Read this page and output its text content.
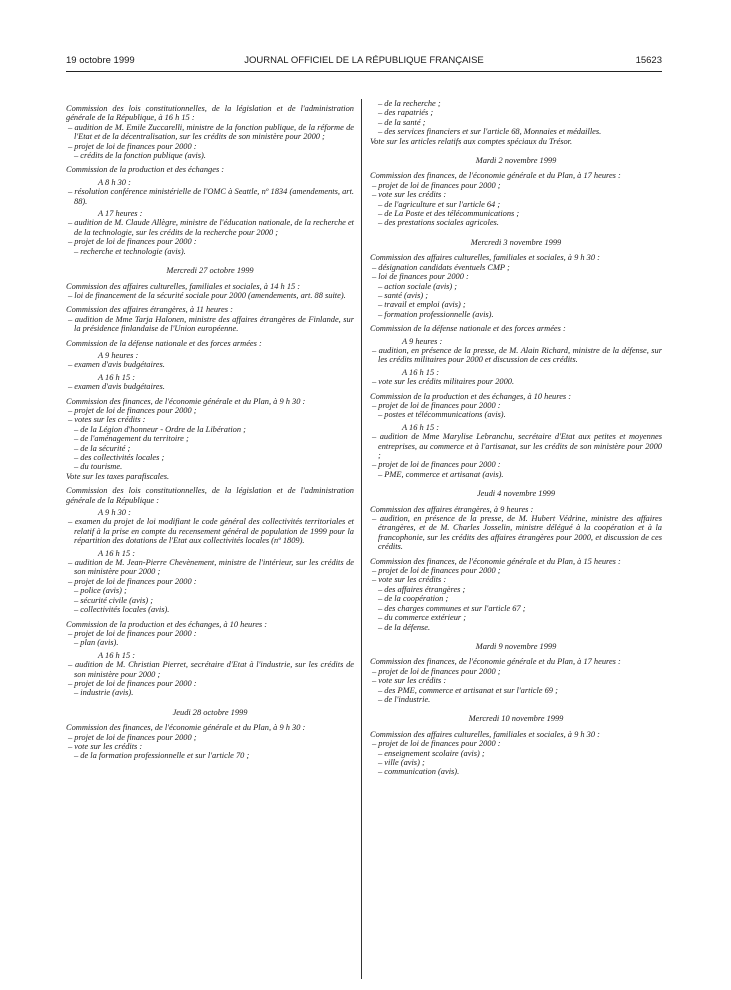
19 octobre 1999	JOURNAL OFFICIEL DE LA RÉPUBLIQUE FRANÇAISE	15623

Commission des lois constitutionnelles, de la législation et de l'administration générale de la République, à 16 h 15 :

– audition de M. Emile Zuccarelli, ministre de la fonction publique, de la réforme de l'Etat et de la décentralisation, sur les crédits de son ministère pour 2000 ;

– projet de loi de finances pour 2000 :

– crédits de la fonction publique (avis).

Commission de la production et des échanges :

A 8 h 30 :

– résolution conférence ministérielle de l'OMC à Seattle, nº 1834 (amendements, art. 88).

A 17 heures :

– audition de M. Claude Allègre, ministre de l'éducation nationale, de la recherche et de la technologie, sur les crédits de la recherche pour 2000 ;

– projet de loi de finances pour 2000 :

– recherche et technologie (avis).

Mercredi 27 octobre 1999

Commission des affaires culturelles, familiales et sociales, à 14 h 15 :

– loi de financement de la sécurité sociale pour 2000 (amendements, art. 88 suite).

Commission des affaires étrangères, à 11 heures :

– audition de Mme Tarja Halonen, ministre des affaires étrangères de Finlande, sur la présidence finlandaise de l'Union européenne.

Commission de la défense nationale et des forces armées :

A 9 heures :

– examen d'avis budgétaires.

A 16 h 15 :

– examen d'avis budgétaires.

Commission des finances, de l'économie générale et du Plan, à 9 h 30 :

– projet de loi de finances pour 2000 ;

– votes sur les crédits :

– de la Légion d'honneur - Ordre de la Libération ;

– de l'aménagement du territoire ;

– de la sécurité ;

– des collectivités locales ;

– du tourisme.

Vote sur les taxes parafiscales.

Commission des lois constitutionnelles, de la législation et de l'administration générale de la République :

A 9 h 30 :

– examen du projet de loi modifiant le code général des collectivités territoriales et relatif à la prise en compte du recensement général de population de 1999 pour la répartition des dotations de l'Etat aux collectivités locales (nº 1809).

A 16 h 15 :

– audition de M. Jean-Pierre Chevènement, ministre de l'intérieur, sur les crédits de son ministère pour 2000 ;

– projet de loi de finances pour 2000 :

– police (avis) ;

– sécurité civile (avis) ;

– collectivités locales (avis).

Commission de la production et des échanges, à 10 heures :

– projet de loi de finances pour 2000 :

– plan (avis).

A 16 h 15 :

– audition de M. Christian Pierret, secrétaire d'Etat à l'industrie, sur les crédits de son ministère pour 2000 ;

– projet de loi de finances pour 2000 :

– industrie (avis).

Jeudi 28 octobre 1999

Commission des finances, de l'économie générale et du Plan, à 9 h 30 :

– projet de loi de finances pour 2000 ;

– vote sur les crédits :

– de la formation professionnelle et sur l'article 70 ;

– de la recherche ;

– des rapatriés ;

– de la santé ;

– des services financiers et sur l'article 68, Monnaies et médailles.

Vote sur les articles relatifs aux comptes spéciaux du Trésor.

Mardi 2 novembre 1999

Commission des finances, de l'économie générale et du Plan, à 17 heures :

– projet de loi de finances pour 2000 ;

– vote sur les crédits :

– de l'agriculture et sur l'article 64 ;

– de La Poste et des télécommunications ;

– des prestations sociales agricoles.

Mercredi 3 novembre 1999

Commission des affaires culturelles, familiales et sociales, à 9 h 30 :

– désignation candidats éventuels CMP ;

– loi de finances pour 2000 :

– action sociale (avis) ;

– santé (avis) ;

– travail et emploi (avis) ;

– formation professionnelle (avis).

Commission de la défense nationale et des forces armées :

A 9 heures :

– audition, en présence de la presse, de M. Alain Richard, ministre de la défense, sur les crédits militaires pour 2000 et discussion de ces crédits.

A 16 h 15 :

– vote sur les crédits militaires pour 2000.

Commission de la production et des échanges, à 10 heures :

– projet de loi de finances pour 2000 :

– postes et télécommunications (avis).

A 16 h 15 :

– audition de Mme Marylise Lebranchu, secrétaire d'Etat aux petites et moyennes entreprises, au commerce et à l'artisanat, sur les crédits de son ministère pour 2000 ;

– projet de loi de finances pour 2000 :

– PME, commerce et artisanat (avis).

Jeudi 4 novembre 1999

Commission des affaires étrangères, à 9 heures :

– audition, en présence de la presse, de M. Hubert Védrine, ministre des affaires étrangères, et de M. Charles Josselin, ministre délégué à la coopération et à la francophonie, sur les crédits des affaires étrangères pour 2000, et discussion de ces crédits.

Commission des finances, de l'économie générale et du Plan, à 15 heures :

– projet de loi de finances pour 2000 ;

– vote sur les crédits :

– des affaires étrangères ;

– de la coopération ;

– des charges communes et sur l'article 67 ;

– du commerce extérieur ;

– de la défense.

Mardi 9 novembre 1999

Commission des finances, de l'économie générale et du Plan, à 17 heures :

– projet de loi de finances pour 2000 ;

– vote sur les crédits :

– des PME, commerce et artisanat et sur l'article 69 ;

– de l'industrie.

Mercredi 10 novembre 1999

Commission des affaires culturelles, familiales et sociales, à 9 h 30 :

– projet de loi de finances pour 2000 :

– enseignement scolaire (avis) ;

– ville (avis) ;

– communication (avis).
